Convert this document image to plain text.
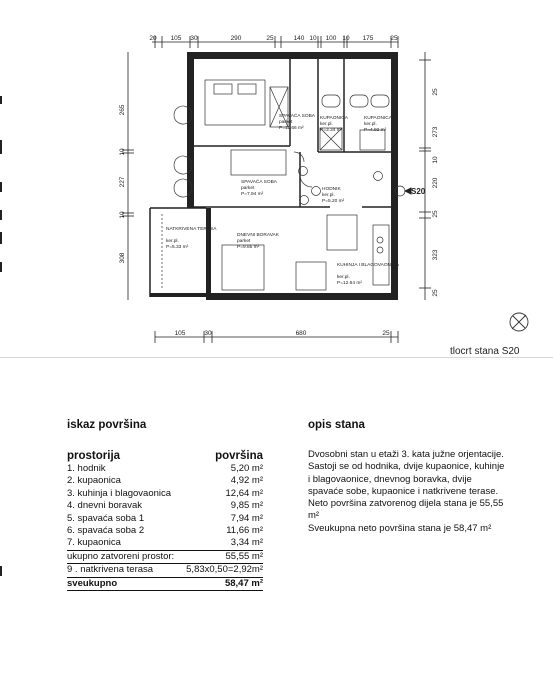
SPAVAĆA SOBA
parket
P=11.66 m²
KUPAONICA
ker.pl.
P=3.34 m²
KUPAONICA
ker.pl.
P=4.92 m²
SPAVAĆA SOBA
parket
P=7.94 m²
HODNIK
ker.pl.
P=5.20 m²
NATKRIVENA TERASA
ker.pl.
P=5.33 m²
DNEVNI BORAVAK
parket
P=9.85 m²
KUHINJA I BLAGOVAONICA
ker.pl.
P=12.64 m²
20 105 30	290	25	140 10 100 10 175	25
105	30	680	25
265
10
227
10
308
25
273
10
220
25
323
25
S20
tlocrt stana S20
iskaz površina
prostorija	površina
1. hodnik	5,20 m²
2. kupaonica	4,92 m²
3. kuhinja i blagovaonica	12,64 m²
4. dnevni boravak	9,85 m²
5. spavaća soba 1	7,94 m²
6. spavaća soba 2	11,66 m²
7. kupaonica	3,34 m²
ukupno zatvoreni prostor:	55,55 m²
9 . natkrivena terasa	5,83x0,50=2,92m²
sveukupno	58,47 m²
opis stana

Dvosobni stan u etaži 3. kata južne orjentacije.

Sastoji se od hodnika, dvije kupaonice, kuhinje i blagovaonice, dnevnog boravka, dvije spavaće sobe, kupaonice i natkrivene terase.

Neto površina zatvorenog dijela stana je 55,55 m²

Sveukupna neto površina stana je 58,47 m²
